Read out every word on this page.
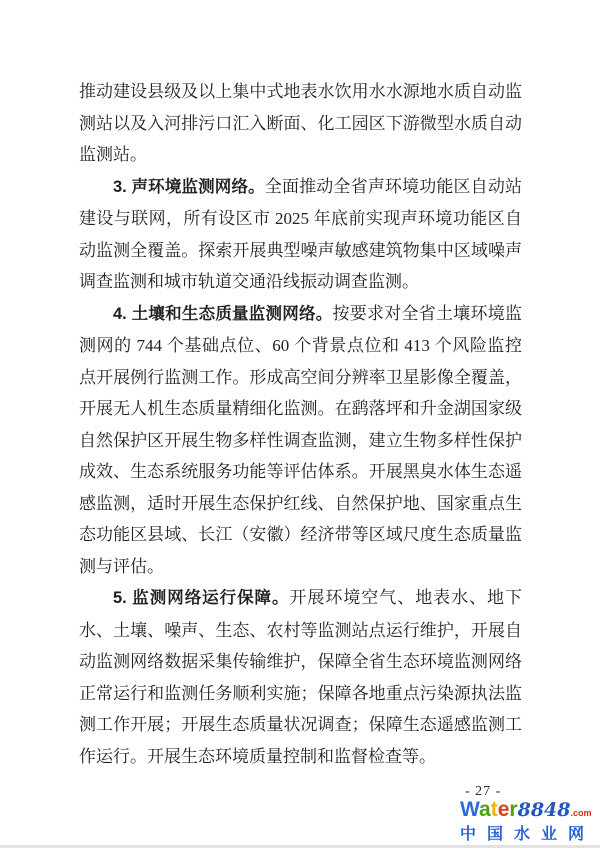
推动建设县级及以上集中式地表水饮用水水源地水质自动监测站以及入河排污口汇入断面、化工园区下游微型水质自动监测站。

3. 声环境监测网络。全面推动全省声环境功能区自动站建设与联网，所有设区市 2025 年底前实现声环境功能区自动监测全覆盖。探索开展典型噪声敏感建筑物集中区域噪声调查监测和城市轨道交通沿线振动调查监测。

4. 土壤和生态质量监测网络。按要求对全省土壤环境监测网的 744 个基础点位、60 个背景点位和 413 个风险监控点开展例行监测工作。形成高空间分辨率卫星影像全覆盖，开展无人机生态质量精细化监测。在鹞落坪和升金湖国家级自然保护区开展生物多样性调查监测，建立生物多样性保护成效、生态系统服务功能等评估体系。开展黑臭水体生态遥感监测，适时开展生态保护红线、自然保护地、国家重点生态功能区县域、长江（安徽）经济带等区域尺度生态质量监测与评估。

5. 监测网络运行保障。开展环境空气、地表水、地下水、土壤、噪声、生态、农村等监测站点运行维护，开展自动监测网络数据采集传输维护，保障全省生态环境监测网络正常运行和监测任务顺利实施；保障各地重点污染源执法监测工作开展；开展生态质量状况调查；保障生态遥感监测工作运行。开展生态环境质量控制和监督检查等。

- 27 -
Water8848.com
中国水业网
